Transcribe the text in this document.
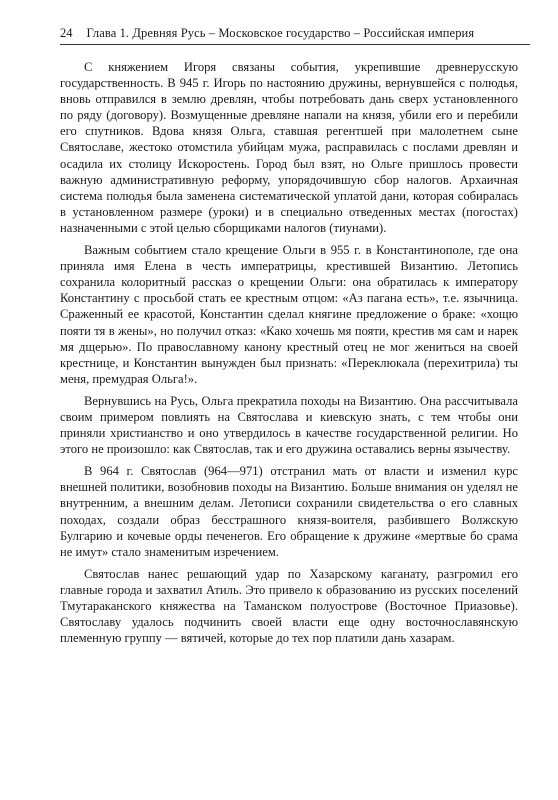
24 Глава 1. Древняя Русь – Московское государство – Российская империя

С княжением Игоря связаны события, укрепившие древнерусскую государственность. В 945 г. Игорь по настоянию дружины, вернувшейся с полюдья, вновь отправился в землю древлян, чтобы потребовать дань сверх установленного по ряду (договору). Возмущенные древляне напали на князя, убили его и перебили его спутников. Вдова князя Ольга, ставшая регентшей при малолетнем сыне Святославе, жестоко отомстила убийцам мужа, расправилась с послами древлян и осадила их столицу Искоростень. Город был взят, но Ольге пришлось провести важную административную реформу, упорядочившую сбор налогов. Архаичная система полюдья была заменена систематической уплатой дани, которая собиралась в установленном размере (уроки) и в специально отведенных местах (погостах) назначенными с этой целью сборщиками налогов (тиунами).

Важным событием стало крещение Ольги в 955 г. в Константинополе, где она приняла имя Елена в честь императрицы, крестившей Византию. Летопись сохранила колоритный рассказ о крещении Ольги: она обратилась к императору Константину с просьбой стать ее крестным отцом: «Аз пагана есть», т.е. язычница. Сраженный ее красотой, Константин сделал княгине предложение о браке: «хощю пояти тя в жены», но получил отказ: «Како хочешь мя пояти, крестив мя сам и нарек мя дщерью». По православному канону крестный отец не мог жениться на своей крестнице, и Константин вынужден был признать: «Переклюкала (перехитрила) ты меня, премудрая Ольга!».

Вернувшись на Русь, Ольга прекратила походы на Византию. Она рассчитывала своим примером повлиять на Святослава и киевскую знать, с тем чтобы они приняли христианство и оно утвердилось в качестве государственной религии. Но этого не произошло: как Святослав, так и его дружина оставались верны язычеству.

В 964 г. Святослав (964—971) отстранил мать от власти и изменил курс внешней политики, возобновив походы на Византию. Больше внимания он уделял не внутренним, а внешним делам. Летописи сохранили свидетельства о его славных походах, создали образ бесстрашного князя-воителя, разбившего Волжскую Булгарию и кочевые орды печенегов. Его обращение к дружине «мертвые бо срама не имут» стало знаменитым изречением.

Святослав нанес решающий удар по Хазарскому каганату, разгромил его главные города и захватил Атиль. Это привело к образованию из русских поселений Тмутараканского княжества на Таманском полуострове (Восточное Приазовье). Святославу удалось подчинить своей власти еще одну восточнославянскую племенную группу — вятичей, которые до тех пор платили дань хазарам.
